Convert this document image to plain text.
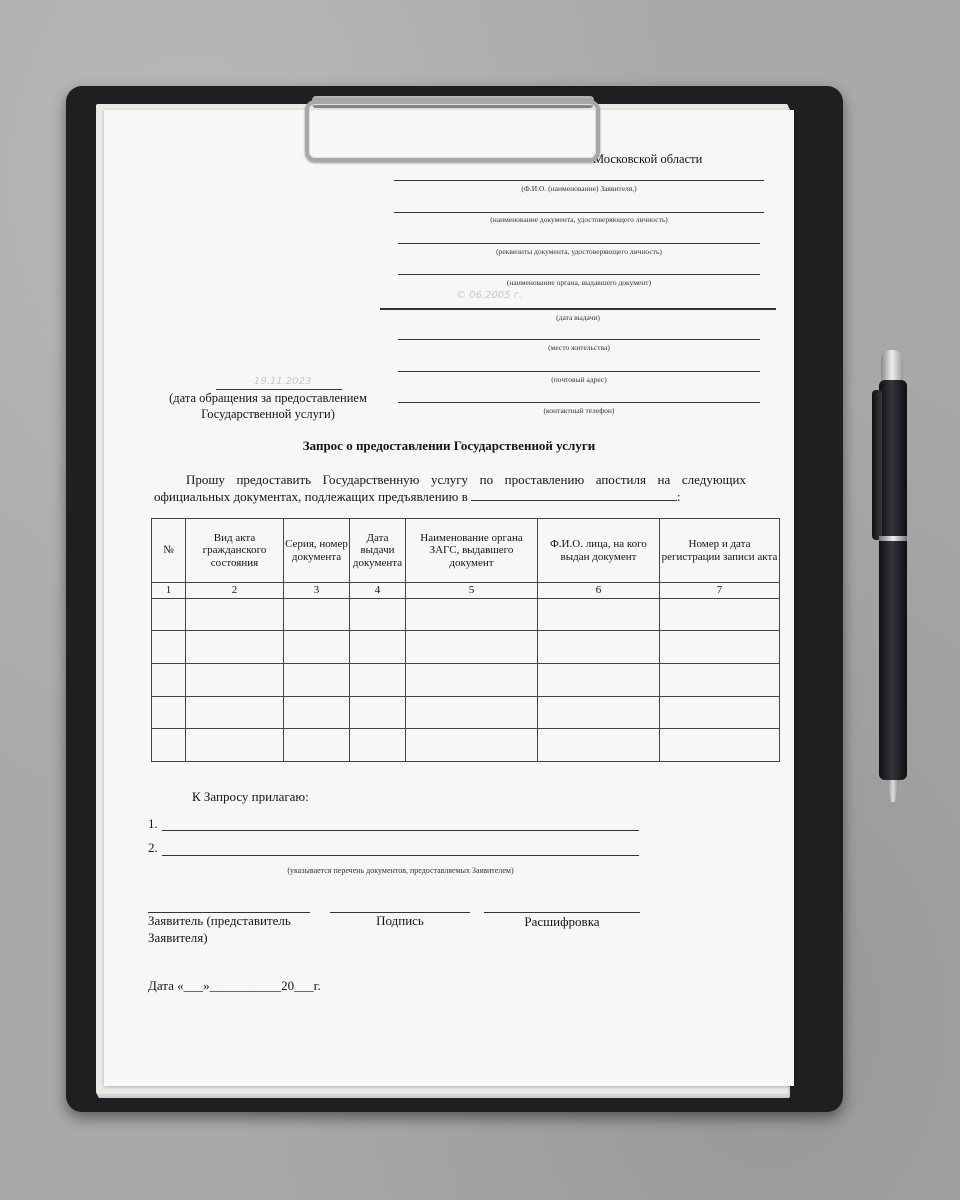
Московской области
(Ф.И.О. (наименование) Заявителя,)
(наименование документа, удостоверяющего личность)
(реквизиты документа, удостоверяющего личность)
(наименование органа, выдавшего документ)
(дата выдачи)
© 06.2005 г.
(место жительства)
(почтовый адрес)
(контактный телефон)
19.11.2023
(дата обращения за предоставлением Государственной услуги)
Запрос о предоставлении Государственной услуги
Прошу предоставить Государственную услугу по проставлению апостиля на следующих
официальных документах, подлежащих предъявлению в	:
№	Вид акта гражданского состояния	Серия, номер документа	Дата выдачи документа	Наименование органа ЗАГС, выдавшего документ	Ф.И.О. лица, на кого выдан документ	Номер и дата регистрации записи акта
1	2	3	4	5	6	7

К Запросу прилагаю:
1.
2.
(указывается перечень документов, предоставляемых Заявителем)
Заявитель (представитель Заявителя)
Подпись	Расшифровка
Дата «___»___________20___г.
